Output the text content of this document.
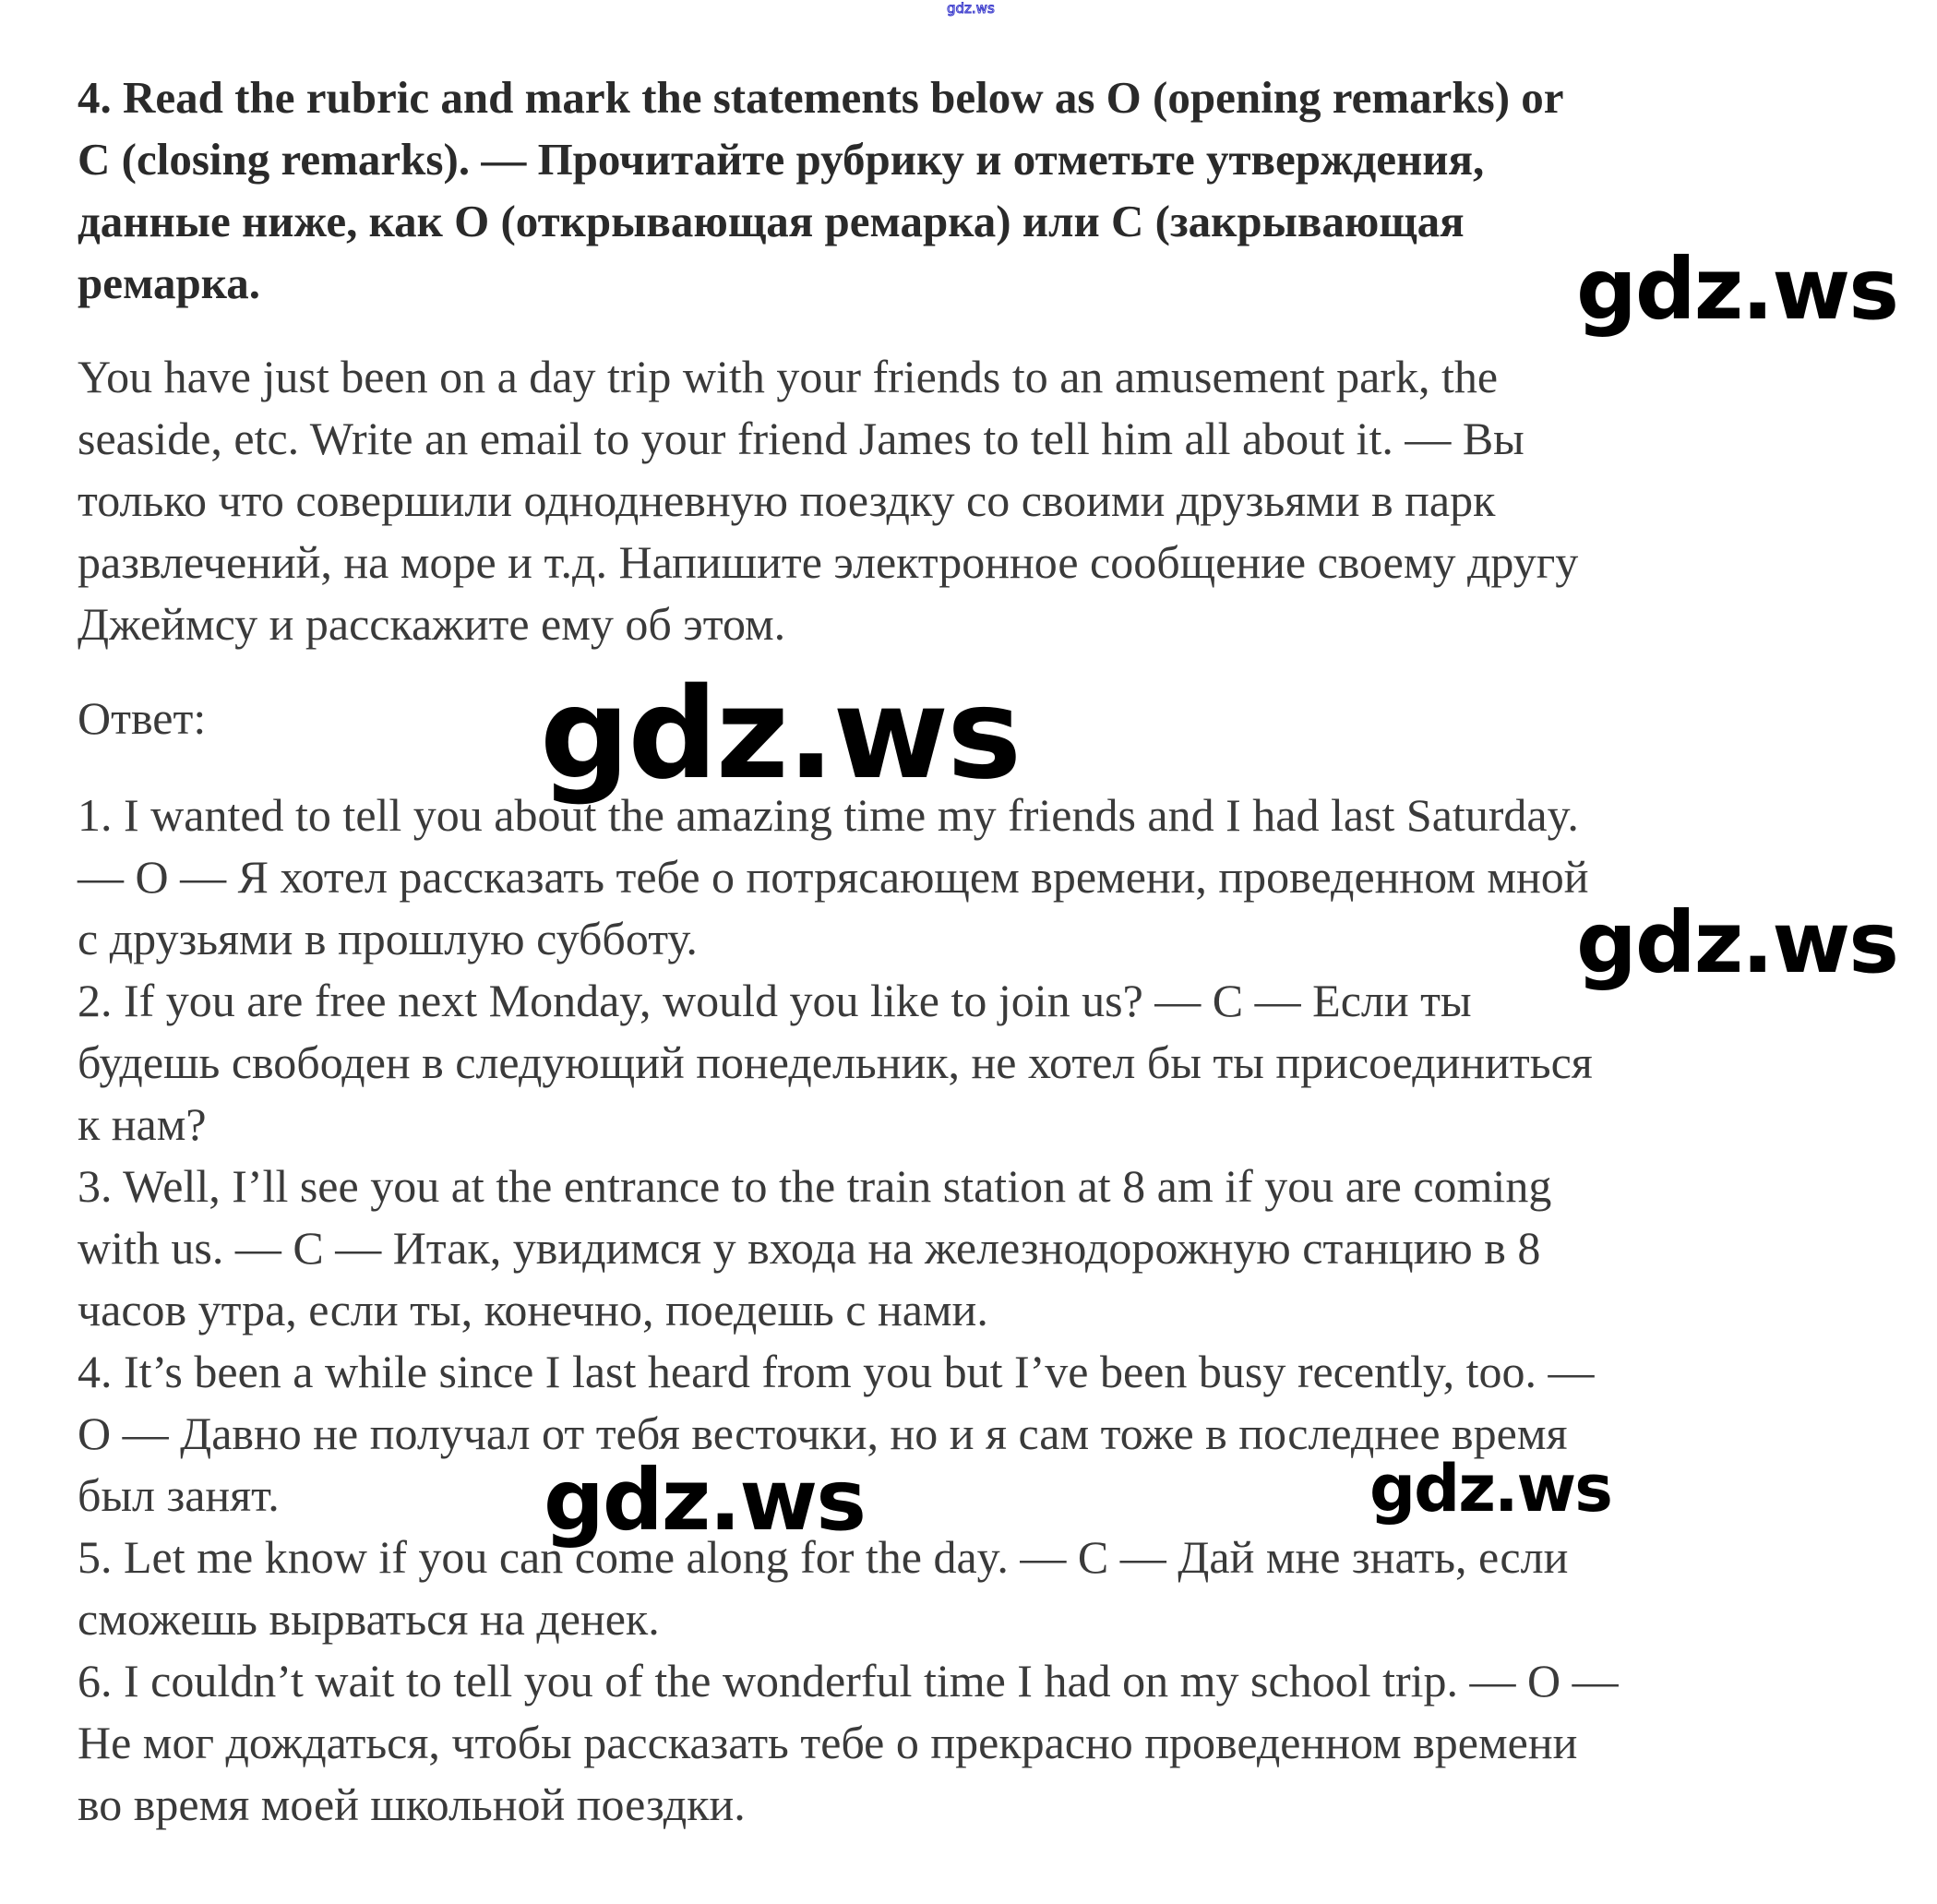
gdz.ws
4. Read the rubric and mark the statements below as O (opening remarks) or
C (closing remarks). — Прочитайте рубрику и отметьте утверждения,
данные ниже, как O (открывающая ремарка) или C (закрывающая
ремарка.
You have just been on a day trip with your friends to an amusement park, the
seaside, etc. Write an email to your friend James to tell him all about it. — Вы
только что совершили однодневную поездку со своими друзьями в парк
развлечений, на море и т.д. Напишите электронное сообщение своему другу
Джеймсу и расскажите ему об этом.
Ответ:
1. I wanted to tell you about the amazing time my friends and I had last Saturday.
— O — Я хотел рассказать тебе о потрясающем времени, проведенном мной
с друзьями в прошлую субботу.
2. If you are free next Monday, would you like to join us? — C — Если ты
будешь свободен в следующий понедельник, не хотел бы ты присоединиться
к нам?
3. Well, I’ll see you at the entrance to the train station at 8 am if you are coming
with us. — C — Итак, увидимся у входа на железнодорожную станцию в 8
часов утра, если ты, конечно, поедешь с нами.
4. It’s been a while since I last heard from you but I’ve been busy recently, too. —
O — Давно не получал от тебя весточки, но и я сам тоже в последнее время
был занят.
5. Let me know if you can come along for the day. — C — Дай мне знать, если
сможешь вырваться на денек.
6. I couldn’t wait to tell you of the wonderful time I had on my school trip. — O —
Не мог дождаться, чтобы рассказать тебе о прекрасно проведенном времени
во время моей школьной поездки.
gdz.ws
gdz.ws
gdz.ws
gdz.ws	gdz.ws
